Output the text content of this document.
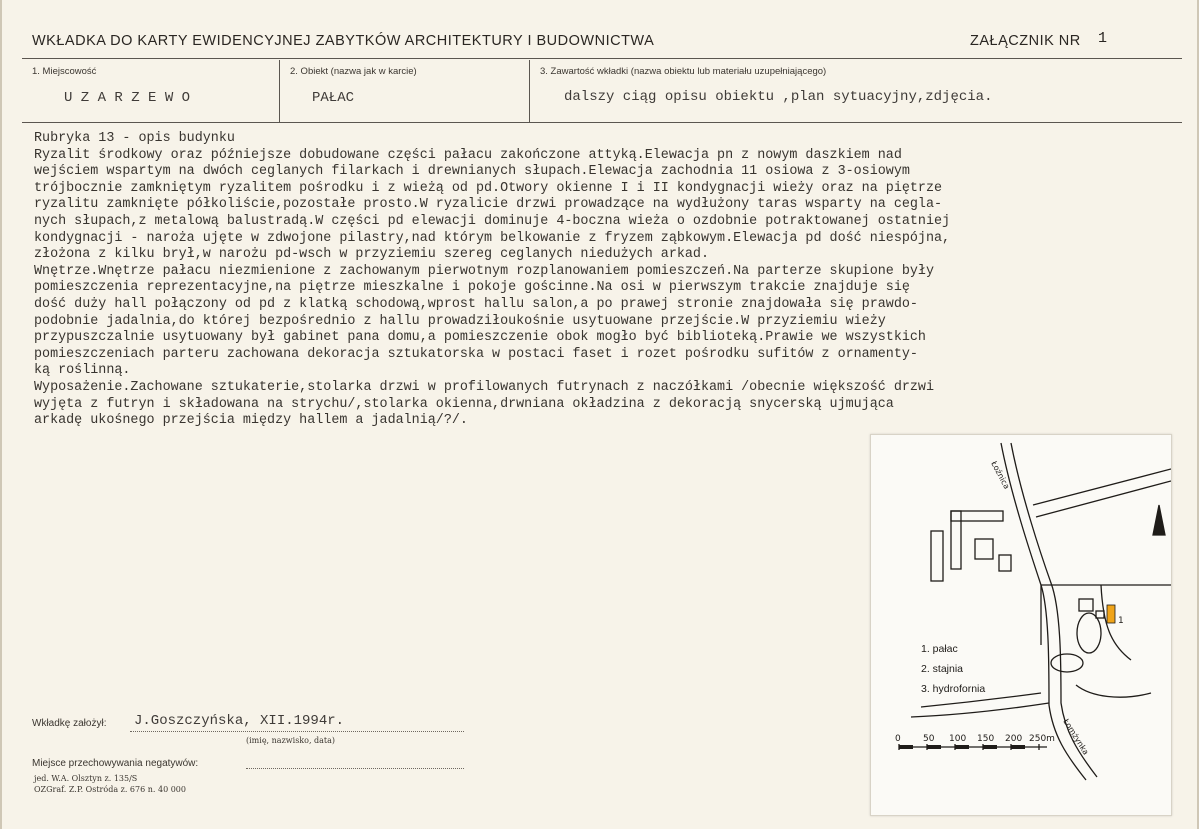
WKŁADKA DO KARTY EWIDENCYJNEJ ZABYTKÓW ARCHITEKTURY I BUDOWNICTWA	ZAŁĄCZNIK NR 1
1. Miejscowość
U Z A R Z E W O
2. Obiekt (nazwa jak w karcie)
PAŁAC
3. Zawartość wkładki (nazwa obiektu lub materiału uzupełniającego)
dalszy ciąg opisu obiektu ,plan sytuacyjny,zdjęcia.
Rubryka 13 - opis budynku
Ryzalit środkowy oraz późniejsze dobudowane części pałacu zakończone attyką.Elewacja pn z nowym daszkiem nad
wejściem wspartym na dwóch ceglanych filarkach i drewnianych słupach.Elewacja zachodnia 11 osiowa z 3-osiowym
trójbocznie zamkniętym ryzalitem pośrodku i z wieżą od pd.Otwory okienne I i II kondygnacji wieży oraz na piętrze
ryzalitu zamknięte półkoliście,pozostałe prosto.W ryzalicie drzwi prowadzące na wydłużony taras wsparty na cegla-
nych słupach,z metalową balustradą.W części pd elewacji dominuje 4-boczna wieża o ozdobnie potraktowanej ostatniej
kondygnacji - naroża ujęte w zdwojone pilastry,nad którym belkowanie z fryzem ząbkowym.Elewacja pd dość niespójna,
złożona z kilku brył,w narożu pd-wsch w przyziemiu szereg ceglanych niedużych arkad.
Wnętrze.Wnętrze pałacu niezmienione z zachowanym pierwotnym rozplanowaniem pomieszczeń.Na parterze skupione były
pomieszczenia reprezentacyjne,na piętrze mieszkalne i pokoje gościnne.Na osi w pierwszym trakcie znajduje się
dość duży hall połączony od pd z klatką schodową,wprost hallu salon,a po prawej stronie znajdowała się prawdo-
podobnie jadalnia,do której bezpośrednio z hallu prowadziłoukośnie usytuowane przejście.W przyziemiu wieży
przypuszczalnie usytuowany był gabinet pana domu,a pomieszczenie obok mogło być biblioteką.Prawie we wszystkich
pomieszczeniach parteru zachowana dekoracja sztukatorska w postaci faset i rozet pośrodku sufitów z ornamenty-
ką roślinną.
Wyposażenie.Zachowane sztukaterie,stolarka drzwi w profilowanych futrynach z naczółkami /obecnie większość drzwi
wyjęta z futryn i składowana na strychu/,stolarka okienna,drwniana okładzina z dekoracją snycerską ujmująca
arkadę ukośnego przejścia między hallem a jadalnią/?/.
Wkładkę założył: J.Goszczyńska, XII.1994r.
(imię, nazwisko, data)
Miejsce przechowywania negatywów:
jed. W.A. Olsztyn z. 135/S
OZGraf. Z.P. Ostróda z. 676 n. 40 000
1
Łoźnica
Łomżynka
0 50 100 150 200 250m
1. pałac
2. stajnia
3. hydrofornia
